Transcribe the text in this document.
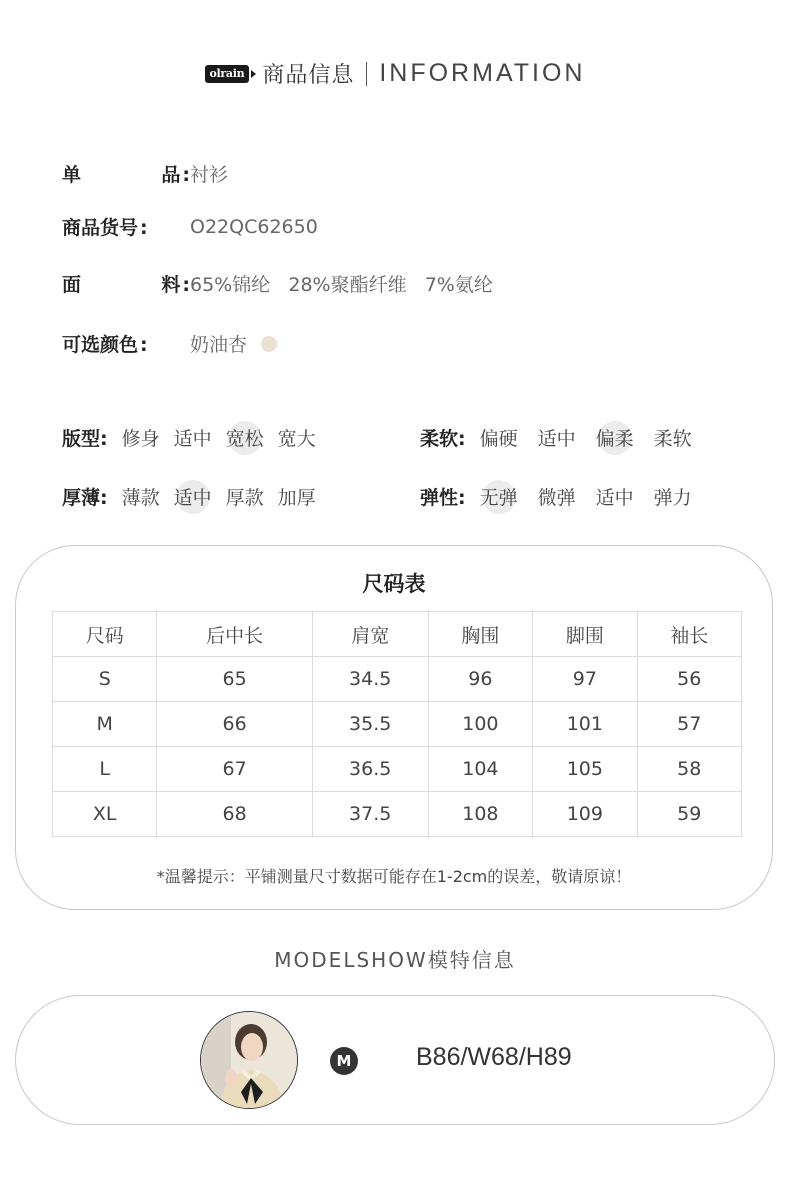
olrain 商品信息 INFORMATION
单	品 : 衬衫
商品货号 : O22QC62650
面	料 : 65%锦纶   28%聚酯纤维   7%氨纶
可选颜色 : 奶油杏
版型: 修身 适中 宽松 宽大
厚薄: 薄款 适中 厚款 加厚
柔软: 偏硬 适中 偏柔 柔软
弹性: 无弹 微弹 适中 弹力
尺码表
尺码	后中长	肩宽	胸围	脚围	袖长
S	65	34.5	96	97	56
M	66	35.5	100	101	57
L	67	36.5	104	105	58
XL	68	37.5	108	109	59
*温馨提示：平铺测量尺寸数据可能存在1-2cm的误差，敬请原谅！
MODELSHOW模特信息
M	B86/W68/H89
